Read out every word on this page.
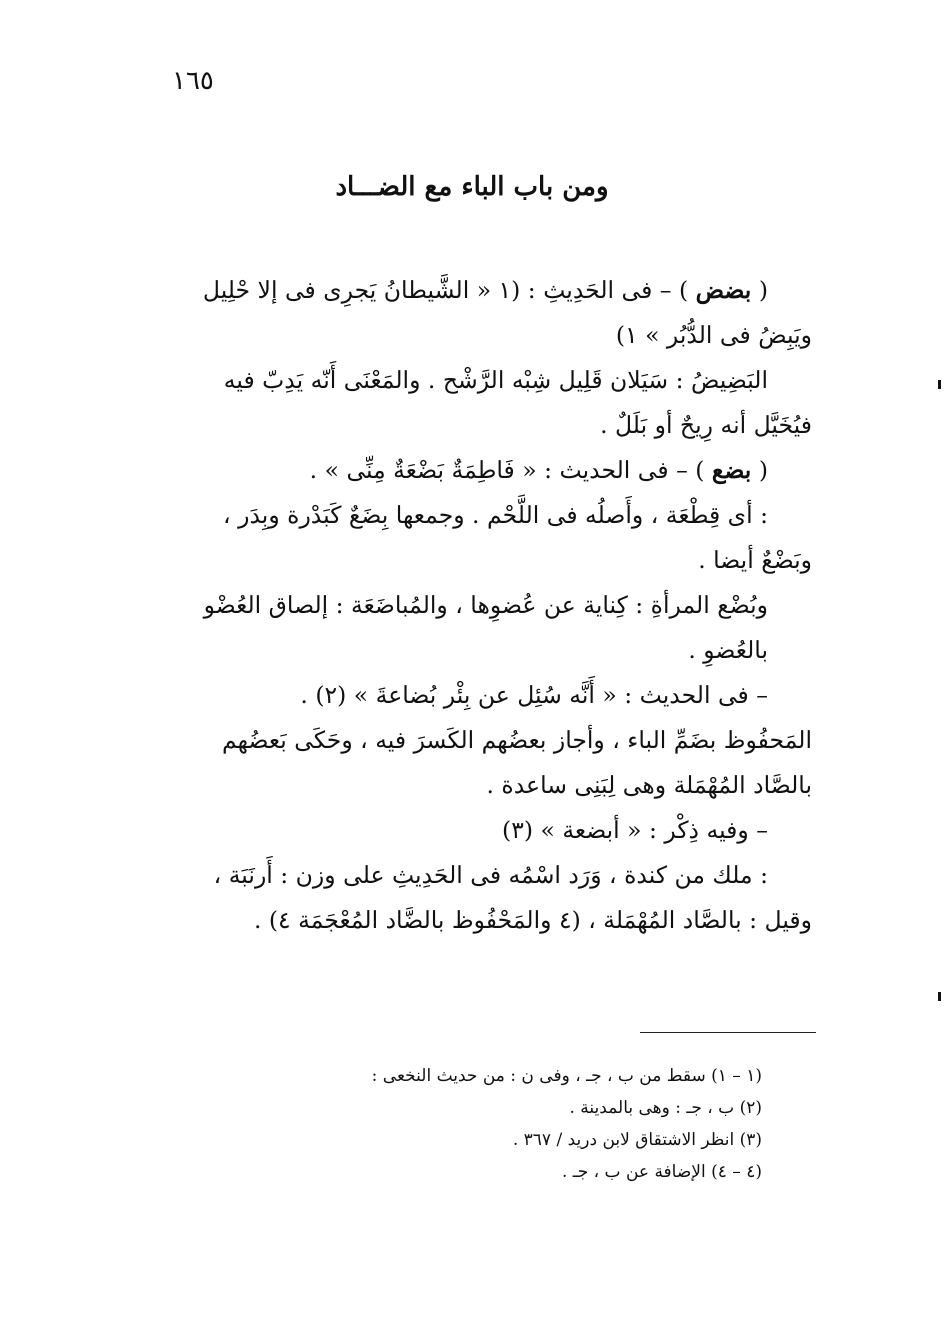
١٦٥
ومن باب الباء مع الضـــاد

( بضض ) – فى الحَدِيثِ : (١ « الشَّيطانُ يَجرِى فى إلا حْلِيل

ويَبِضُ فى الدُّبُر » ١)

البَضِيضُ : سَيَلان قَلِيل شِبْه الرَّشْح . والمَعْنَى أَنّه يَدِبّ فيه

فيُخَيَّل أنه رِيحٌ أو بَلَلٌ .

( بضع ) – فى الحديث : « فَاطِمَةٌ بَضْعَةٌ مِنِّى » .

: أى قِطْعَة ، وأَصلُه فى اللَّحْم . وجمعها بِضَعٌ كَبَدْرة وبِدَر ،

وبَضْعٌ أيضا .

وبُضْع المرأةِ : كِناية عن عُضوِها ، والمُباضَعَة : إلصاق العُضْو بالعُضوِ .

– فى الحديث : « أَنَّه سُئِل عن بِئْر بُضاعةَ » (٢) .

المَحفُوظ بضَمِّ الباء ، وأجاز بعضُهم الكَسرَ فيه ، وحَكَى بَعضُهم

بالصَّاد المُهْمَلة وهى لِبَنِى ساعدة .

– وفيه ذِكْر : « أبضعة » (٣)

: ملك من كندة ، وَرَد اسْمُه فى الحَدِيثِ على وزن : أَرنَبَة ،

وقيل : بالصَّاد المُهْمَلة ، (٤ والمَحْفُوظ بالضَّاد المُعْجَمَة ٤) .

(١ – ١) سقط من ب ، جـ ، وفى ن : من حديث النخعى :
(٢) ب ، جـ : وهى بالمدينة .
(٣) انظر الاشتقاق لابن دريد / ٣٦٧ .
(٤ – ٤) الإضافة عن ب ، جـ .
